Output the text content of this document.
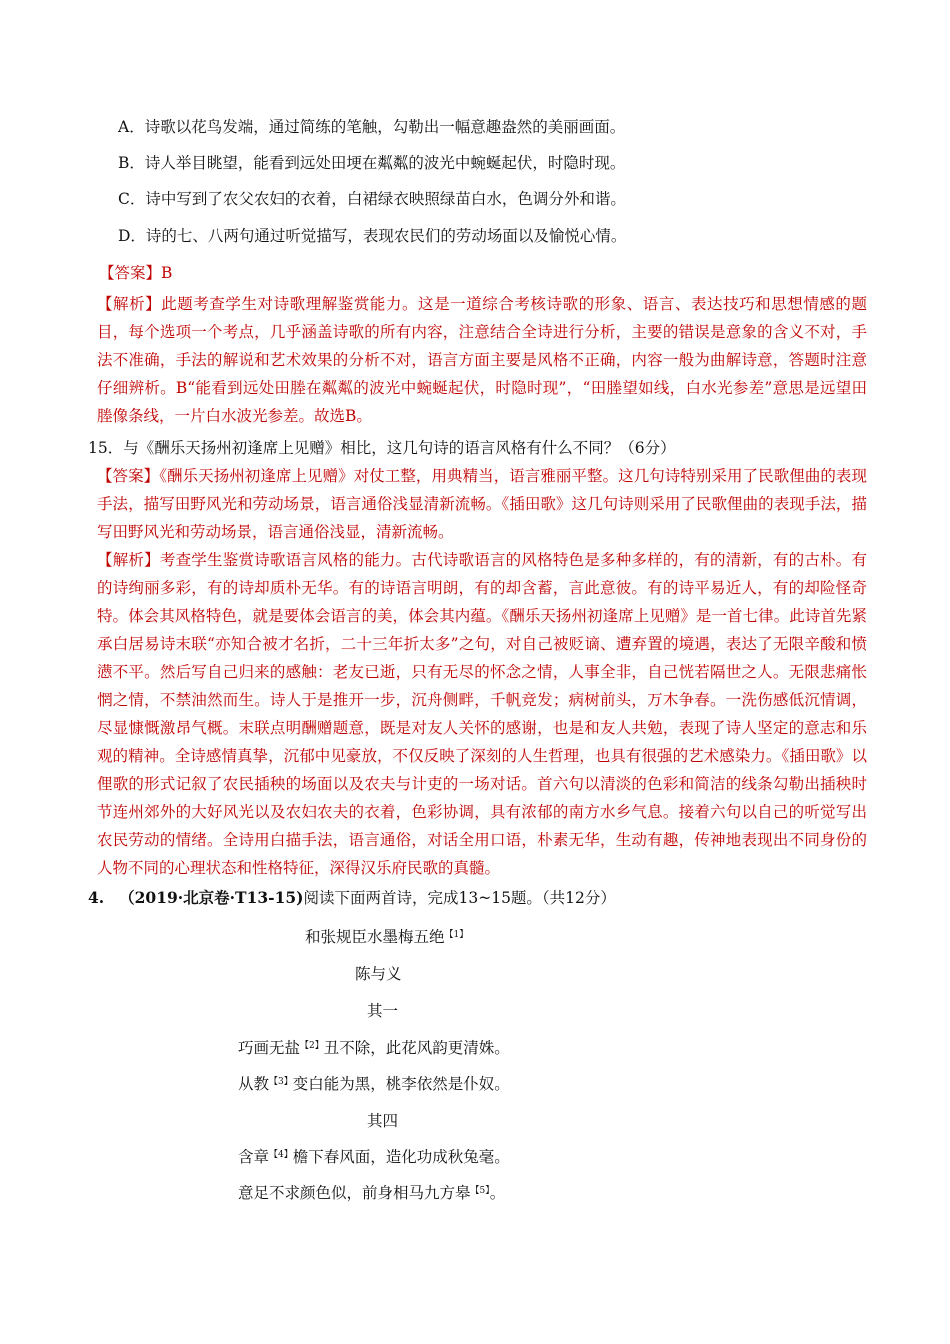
A．诗歌以花鸟发端，通过简练的笔触，勾勒出一幅意趣盎然的美丽画面。
B．诗人举目眺望，能看到远处田埂在粼粼的波光中蜿蜒起伏，时隐时现。
C．诗中写到了农父农妇的衣着，白裙绿衣映照绿苗白水，色调分外和谐。
D．诗的七、八两句通过听觉描写，表现农民们的劳动场面以及愉悦心情。
【答案】B
【解析】此题考查学生对诗歌理解鉴赏能力。这是一道综合考核诗歌的形象、语言、表达技巧和思想情感的题目，每个选项一个考点，几乎涵盖诗歌的所有内容，注意结合全诗进行分析，主要的错误是意象的含义不对，手法不准确，手法的解说和艺术效果的分析不对，语言方面主要是风格不正确，内容一般为曲解诗意，答题时注意仔细辨析。B“能看到远处田塍在粼粼的波光中蜿蜒起伏，时隐时现”，“田塍望如线，白水光参差”意思是远望田塍像条线，一片白水波光参差。故选B。
15．与《酬乐天扬州初逢席上见赠》相比，这几句诗的语言风格有什么不同？（6分）
【答案】《酬乐天扬州初逢席上见赠》对仗工整，用典精当，语言雅丽平整。这几句诗特别采用了民歌俚曲的表现手法，描写田野风光和劳动场景，语言通俗浅显清新流畅。《插田歌》这几句诗则采用了民歌俚曲的表现手法，描写田野风光和劳动场景，语言通俗浅显，清新流畅。
【解析】考查学生鉴赏诗歌语言风格的能力。古代诗歌语言的风格特色是多种多样的，有的清新，有的古朴。有的诗绚丽多彩，有的诗却质朴无华。有的诗语言明朗，有的却含蓄，言此意彼。有的诗平易近人，有的却险怪奇特。体会其风格特色，就是要体会语言的美，体会其内蕴。《酬乐天扬州初逢席上见赠》是一首七律。此诗首先紧承白居易诗末联“亦知合被才名折，二十三年折太多”之句，对自己被贬谪、遭弃置的境遇，表达了无限辛酸和愤懑不平。然后写自己归来的感触：老友已逝，只有无尽的怀念之情，人事全非，自己恍若隔世之人。无限悲痛怅惘之情，不禁油然而生。诗人于是推开一步，沉舟侧畔，千帆竞发；病树前头，万木争春。一洗伤感低沉情调，尽显慷慨激昂气概。末联点明酬赠题意，既是对友人关怀的感谢，也是和友人共勉，表现了诗人坚定的意志和乐观的精神。全诗感情真挚，沉郁中见豪放，不仅反映了深刻的人生哲理，也具有很强的艺术感染力。《插田歌》以俚歌的形式记叙了农民插秧的场面以及农夫与计吏的一场对话。首六句以清淡的色彩和简洁的线条勾勒出插秧时节连州郊外的大好风光以及农妇农夫的衣着，色彩协调，具有浓郁的南方水乡气息。接着六句以自己的听觉写出农民劳动的情绪。全诗用白描手法，语言通俗，对话全用口语，朴素无华，生动有趣，传神地表现出不同身份的人物不同的心理状态和性格特征，深得汉乐府民歌的真髓。
4. （2019·北京卷·T13-15)阅读下面两首诗，完成13~15题。（共12分）
和张规臣水墨梅五绝$^{【1】}$
陈与义
其一
巧画无盐$^{【2】}$丑不除，此花风韵更清姝。
从教$^{【3】}$变白能为黑，桃李依然是仆奴。
其四
含章$^{【4】}$檐下春风面，造化功成秋兔毫。
意足不求颜色似，前身相马九方皋$^{【5】}$。
